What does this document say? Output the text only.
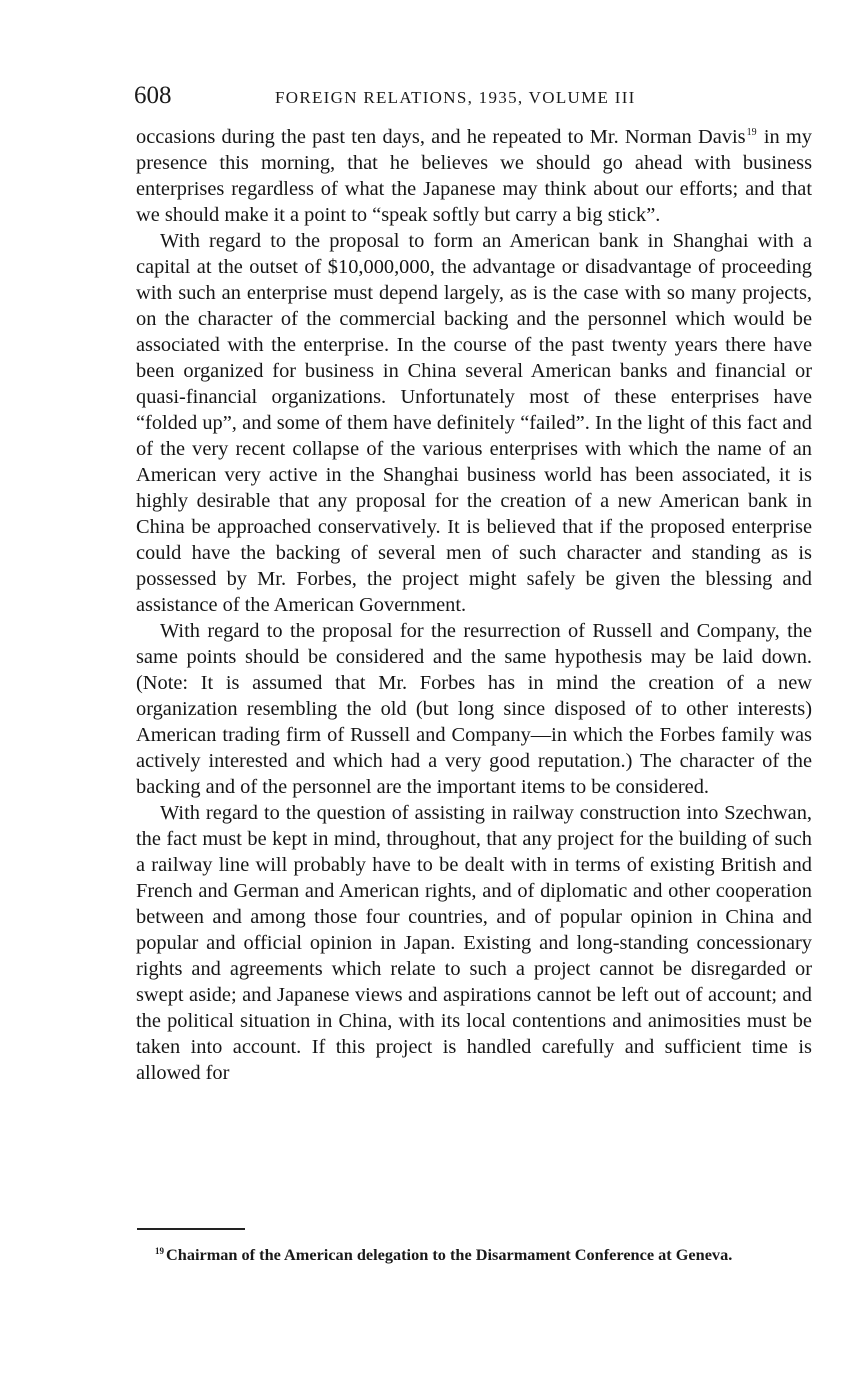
608	FOREIGN RELATIONS, 1935, VOLUME III

occasions during the past ten days, and he repeated to Mr. Norman Davis$^{19}$ in my presence this morning, that he believes we should go ahead with business enterprises regardless of what the Japanese may think about our efforts; and that we should make it a point to “speak softly but carry a big stick”.

With regard to the proposal to form an American bank in Shanghai with a capital at the outset of $10,000,000, the advantage or disadvantage of proceeding with such an enterprise must depend largely, as is the case with so many projects, on the character of the commercial backing and the personnel which would be associated with the enterprise. In the course of the past twenty years there have been organized for business in China several American banks and financial or quasi-financial organizations. Unfortunately most of these enterprises have “folded up”, and some of them have definitely “failed”. In the light of this fact and of the very recent collapse of the various enterprises with which the name of an American very active in the Shanghai business world has been associated, it is highly desirable that any proposal for the creation of a new American bank in China be approached conservatively. It is believed that if the proposed enterprise could have the backing of several men of such character and standing as is possessed by Mr. Forbes, the project might safely be given the blessing and assistance of the American Government.

With regard to the proposal for the resurrection of Russell and Company, the same points should be considered and the same hypothesis may be laid down. (Note: It is assumed that Mr. Forbes has in mind the creation of a new organization resembling the old (but long since disposed of to other interests) American trading firm of Russell and Company—in which the Forbes family was actively interested and which had a very good reputation.) The character of the backing and of the personnel are the important items to be considered.

With regard to the question of assisting in railway construction into Szechwan, the fact must be kept in mind, throughout, that any project for the building of such a railway line will probably have to be dealt with in terms of existing British and French and German and American rights, and of diplomatic and other cooperation between and among those four countries, and of popular opinion in China and popular and official opinion in Japan. Existing and long-standing concessionary rights and agreements which relate to such a project cannot be disregarded or swept aside; and Japanese views and aspirations cannot be left out of account; and the political situation in China, with its local contentions and animosities must be taken into account. If this project is handled carefully and sufficient time is allowed for

$^{19}$ Chairman of the American delegation to the Disarmament Conference at Geneva.
